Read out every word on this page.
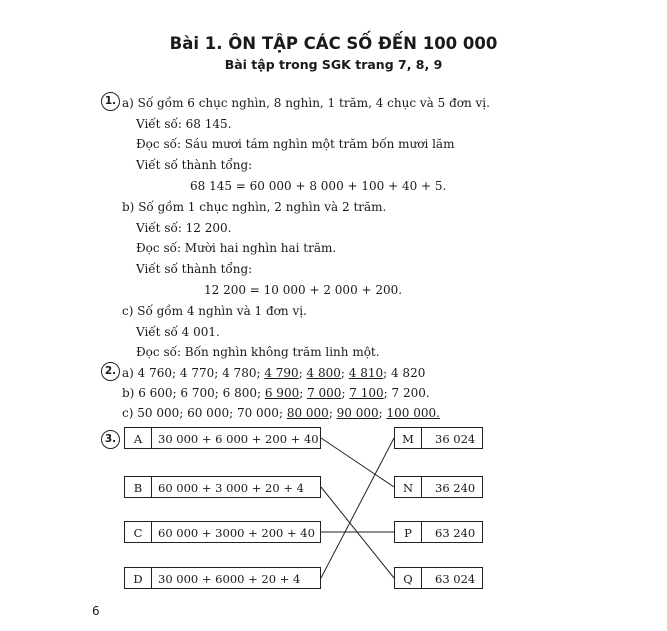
Bài 1. ÔN TẬP CÁC SỐ ĐẾN 100 000
Bài tập trong SGK trang 7, 8, 9
1. a) Số gồm 6 chục nghìn, 8 nghìn, 1 trăm, 4 chục và 5 đơn vị.
Viết số: 68 145.
Đọc số: Sáu mươi tám nghìn một trăm bốn mươi lăm
Viết số thành tổng:
68 145 = 60 000 + 8 000 + 100 + 40 + 5.
b) Số gồm 1 chục nghìn, 2 nghìn và 2 trăm.
Viết số: 12 200.
Đọc số: Mười hai nghìn hai trăm.
Viết số thành tổng:
12 200 = 10 000 + 2 000 + 200.
c) Số gồm 4 nghìn và 1 đơn vị.
Viết số 4 001.
Đọc số: Bốn nghìn không trăm linh một.
2. a) 4 760; 4 770; 4 780; 4 790; 4 800; 4 810; 4 820
b) 6 600; 6 700; 6 800; 6 900; 7 000; 7 100; 7 200.
c) 50 000; 60 000; 70 000; 80 000; 90 000; 100 000.
3.	A	30 000 + 6 000 + 200 + 40
B	60 000 + 3 000 + 20 + 4
C	60 000 + 3000 + 200 + 40
D	30 000 + 6000 + 20 + 4
M	36 024
N	36 240
P	63 240
Q	63 024
6
